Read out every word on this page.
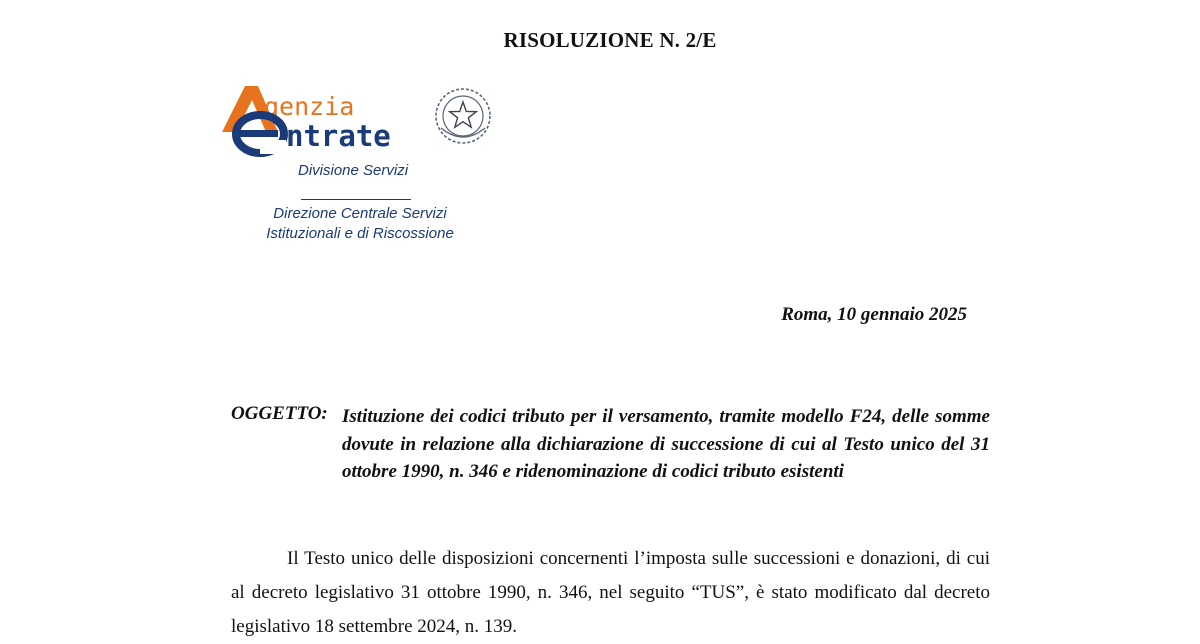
RISOLUZIONE N. 2/E
genzia
ntrate
Divisione Servizi
Direzione Centrale Servizi
Istituzionali e di Riscossione
Roma, 10 gennaio 2025
OGGETTO: Istituzione dei codici tributo per il versamento, tramite modello F24, delle somme dovute in relazione alla dichiarazione di successione di cui al Testo unico del 31 ottobre 1990, n. 346 e ridenominazione di codici tributo esistenti
Il Testo unico delle disposizioni concernenti l’imposta sulle successioni e donazioni, di cui al decreto legislativo 31 ottobre 1990, n. 346, nel seguito “TUS”, è stato modificato dal decreto legislativo 18 settembre 2024, n. 139.
